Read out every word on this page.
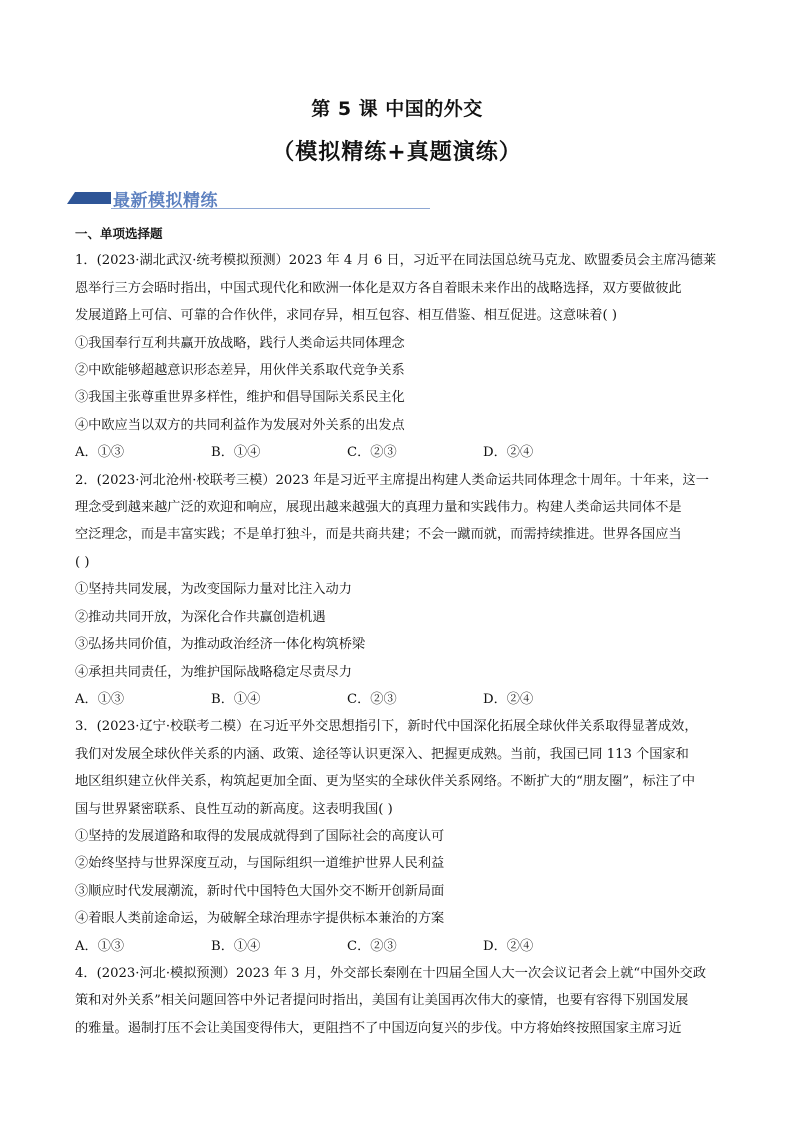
第 5 课 中国的外交
（模拟精练+真题演练）
最新模拟精练
一、单项选择题
1．(2023·湖北武汉·统考模拟预测）2023 年 4 月 6 日，习近平在同法国总统马克龙、欧盟委员会主席冯德莱
恩举行三方会晤时指出，中国式现代化和欧洲一体化是双方各自着眼未来作出的战略选择，双方要做彼此
发展道路上可信、可靠的合作伙伴，求同存异，相互包容、相互借鉴、相互促进。这意味着( )
①我国奉行互利共赢开放战略，践行人类命运共同体理念
②中欧能够超越意识形态差异，用伙伴关系取代竞争关系
③我国主张尊重世界多样性，维护和倡导国际关系民主化
④中欧应当以双方的共同利益作为发展对外关系的出发点
A．①③	B．①④	C．②③	D．②④
2．(2023·河北沧州·校联考三模）2023 年是习近平主席提出构建人类命运共同体理念十周年。十年来，这一
理念受到越来越广泛的欢迎和响应，展现出越来越强大的真理力量和实践伟力。构建人类命运共同体不是
空泛理念，而是丰富实践；不是单打独斗，而是共商共建；不会一蹴而就，而需持续推进。世界各国应当
( )
①坚持共同发展，为改变国际力量对比注入动力
②推动共同开放，为深化合作共赢创造机遇
③弘扬共同价值，为推动政治经济一体化构筑桥梁
④承担共同责任，为维护国际战略稳定尽责尽力
A．①③	B．①④	C．②③	D．②④
3．(2023·辽宁·校联考二模）在习近平外交思想指引下，新时代中国深化拓展全球伙伴关系取得显著成效，
我们对发展全球伙伴关系的内涵、政策、途径等认识更深入、把握更成熟。当前，我国已同 113 个国家和
地区组织建立伙伴关系，构筑起更加全面、更为坚实的全球伙伴关系网络。不断扩大的“朋友圈”，标注了中
国与世界紧密联系、良性互动的新高度。这表明我国( )
①坚持的发展道路和取得的发展成就得到了国际社会的高度认可
②始终坚持与世界深度互动，与国际组织一道维护世界人民利益
③顺应时代发展潮流，新时代中国特色大国外交不断开创新局面
④着眼人类前途命运，为破解全球治理赤字提供标本兼治的方案
A．①③	B．①④	C．②③	D．②④
4．(2023·河北·模拟预测）2023 年 3 月，外交部长秦刚在十四届全国人大一次会议记者会上就“中国外交政
策和对外关系”相关问题回答中外记者提问时指出，美国有让美国再次伟大的豪情，也要有容得下别国发展
的雅量。遏制打压不会让美国变得伟大，更阻挡不了中国迈向复兴的步伐。中方将始终按照国家主席习近
